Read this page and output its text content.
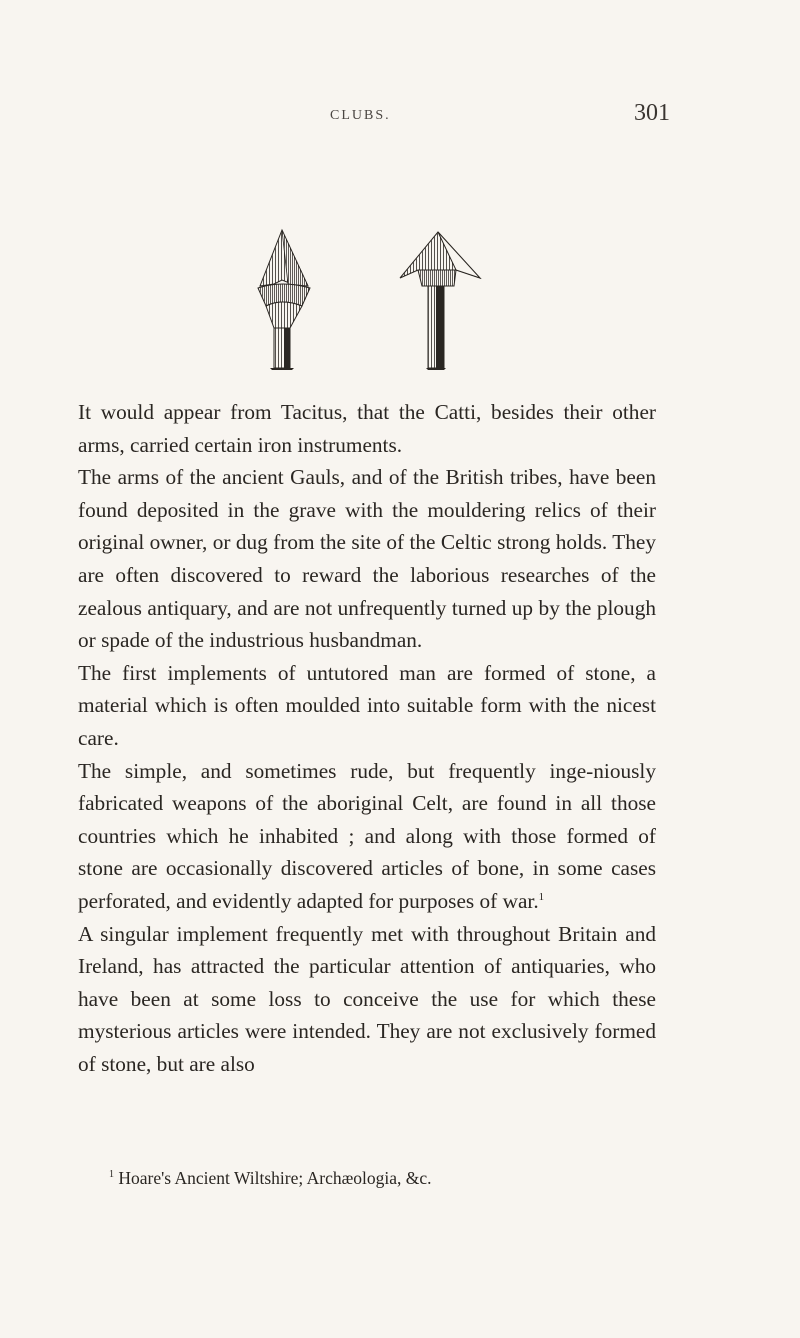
CLUBS.	301

It would appear from Tacitus, that the Catti, besides their other arms, carried certain iron instruments.

The arms of the ancient Gauls, and of the British tribes, have been found deposited in the grave with the mouldering relics of their original owner, or dug from the site of the Celtic strong holds. They are often discovered to reward the laborious researches of the zealous antiquary, and are not unfrequently turned up by the plough or spade of the industrious husbandman.

The first implements of untutored man are formed of stone, a material which is often moulded into suitable form with the nicest care.

The simple, and sometimes rude, but frequently inge-niously fabricated weapons of the aboriginal Celt, are found in all those countries which he inhabited ; and along with those formed of stone are occasionally discovered articles of bone, in some cases perforated, and evidently adapted for purposes of war.$^1$

A singular implement frequently met with throughout Britain and Ireland, has attracted the particular attention of antiquaries, who have been at some loss to conceive the use for which these mysterious articles were intended. They are not exclusively formed of stone, but are also

$^1$ Hoare's Ancient Wiltshire; Archæologia, &c.
